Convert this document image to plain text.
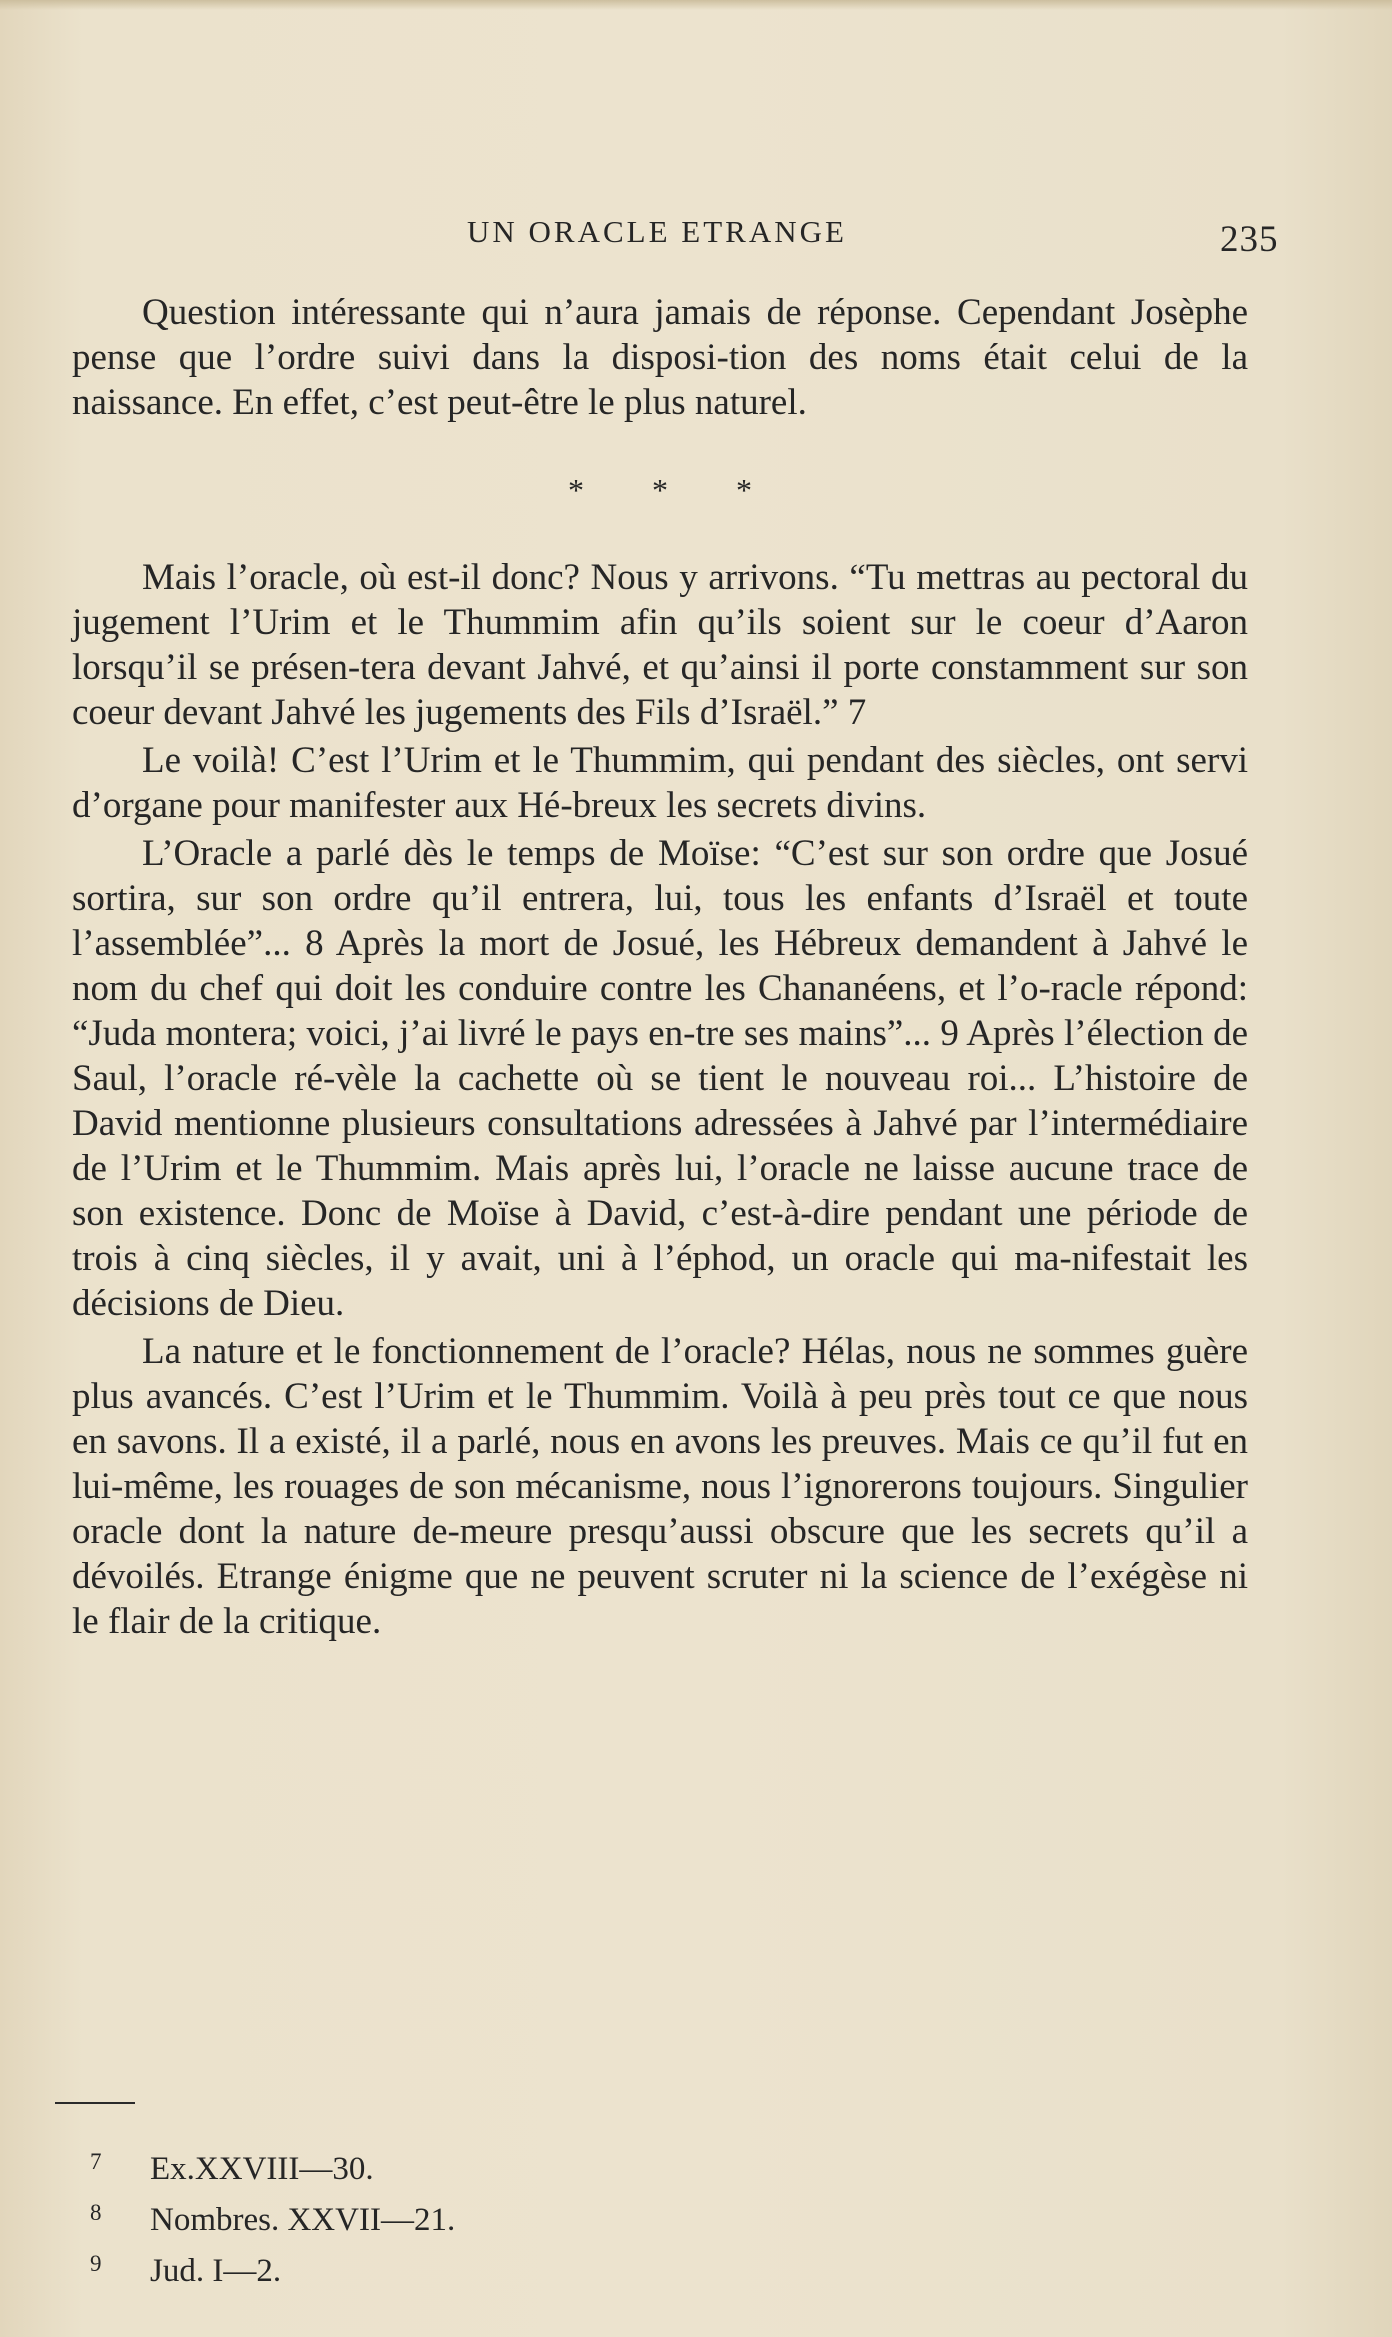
UN ORACLE ETRANGE	235

Question intéressante qui n’aura jamais de réponse. Cependant Josèphe pense que l’ordre suivi dans la disposi-tion des noms était celui de la naissance. En effet, c’est peut-être le plus naturel.

* * *

Mais l’oracle, où est-il donc? Nous y arrivons. “Tu mettras au pectoral du jugement l’Urim et le Thummim afin qu’ils soient sur le coeur d’Aaron lorsqu’il se présen-tera devant Jahvé, et qu’ainsi il porte constamment sur son coeur devant Jahvé les jugements des Fils d’Israël.” 7

Le voilà! C’est l’Urim et le Thummim, qui pendant des siècles, ont servi d’organe pour manifester aux Hé-breux les secrets divins.

L’Oracle a parlé dès le temps de Moïse: “C’est sur son ordre que Josué sortira, sur son ordre qu’il entrera, lui, tous les enfants d’Israël et toute l’assemblée”... 8 Après la mort de Josué, les Hébreux demandent à Jahvé le nom du chef qui doit les conduire contre les Chananéens, et l’o-racle répond: “Juda montera; voici, j’ai livré le pays en-tre ses mains”... 9 Après l’élection de Saul, l’oracle ré-vèle la cachette où se tient le nouveau roi... L’histoire de David mentionne plusieurs consultations adressées à Jahvé par l’intermédiaire de l’Urim et le Thummim. Mais après lui, l’oracle ne laisse aucune trace de son existence. Donc de Moïse à David, c’est-à-dire pendant une période de trois à cinq siècles, il y avait, uni à l’éphod, un oracle qui ma-nifestait les décisions de Dieu.

La nature et le fonctionnement de l’oracle? Hélas, nous ne sommes guère plus avancés. C’est l’Urim et le Thummim. Voilà à peu près tout ce que nous en savons. Il a existé, il a parlé, nous en avons les preuves. Mais ce qu’il fut en lui-même, les rouages de son mécanisme, nous l’ignorerons toujours. Singulier oracle dont la nature de-meure presqu’aussi obscure que les secrets qu’il a dévoilés. Etrange énigme que ne peuvent scruter ni la science de l’exégèse ni le flair de la critique.

7 Ex.XXVIII—30.
8 Nombres. XXVII—21.
9 Jud. I—2.
